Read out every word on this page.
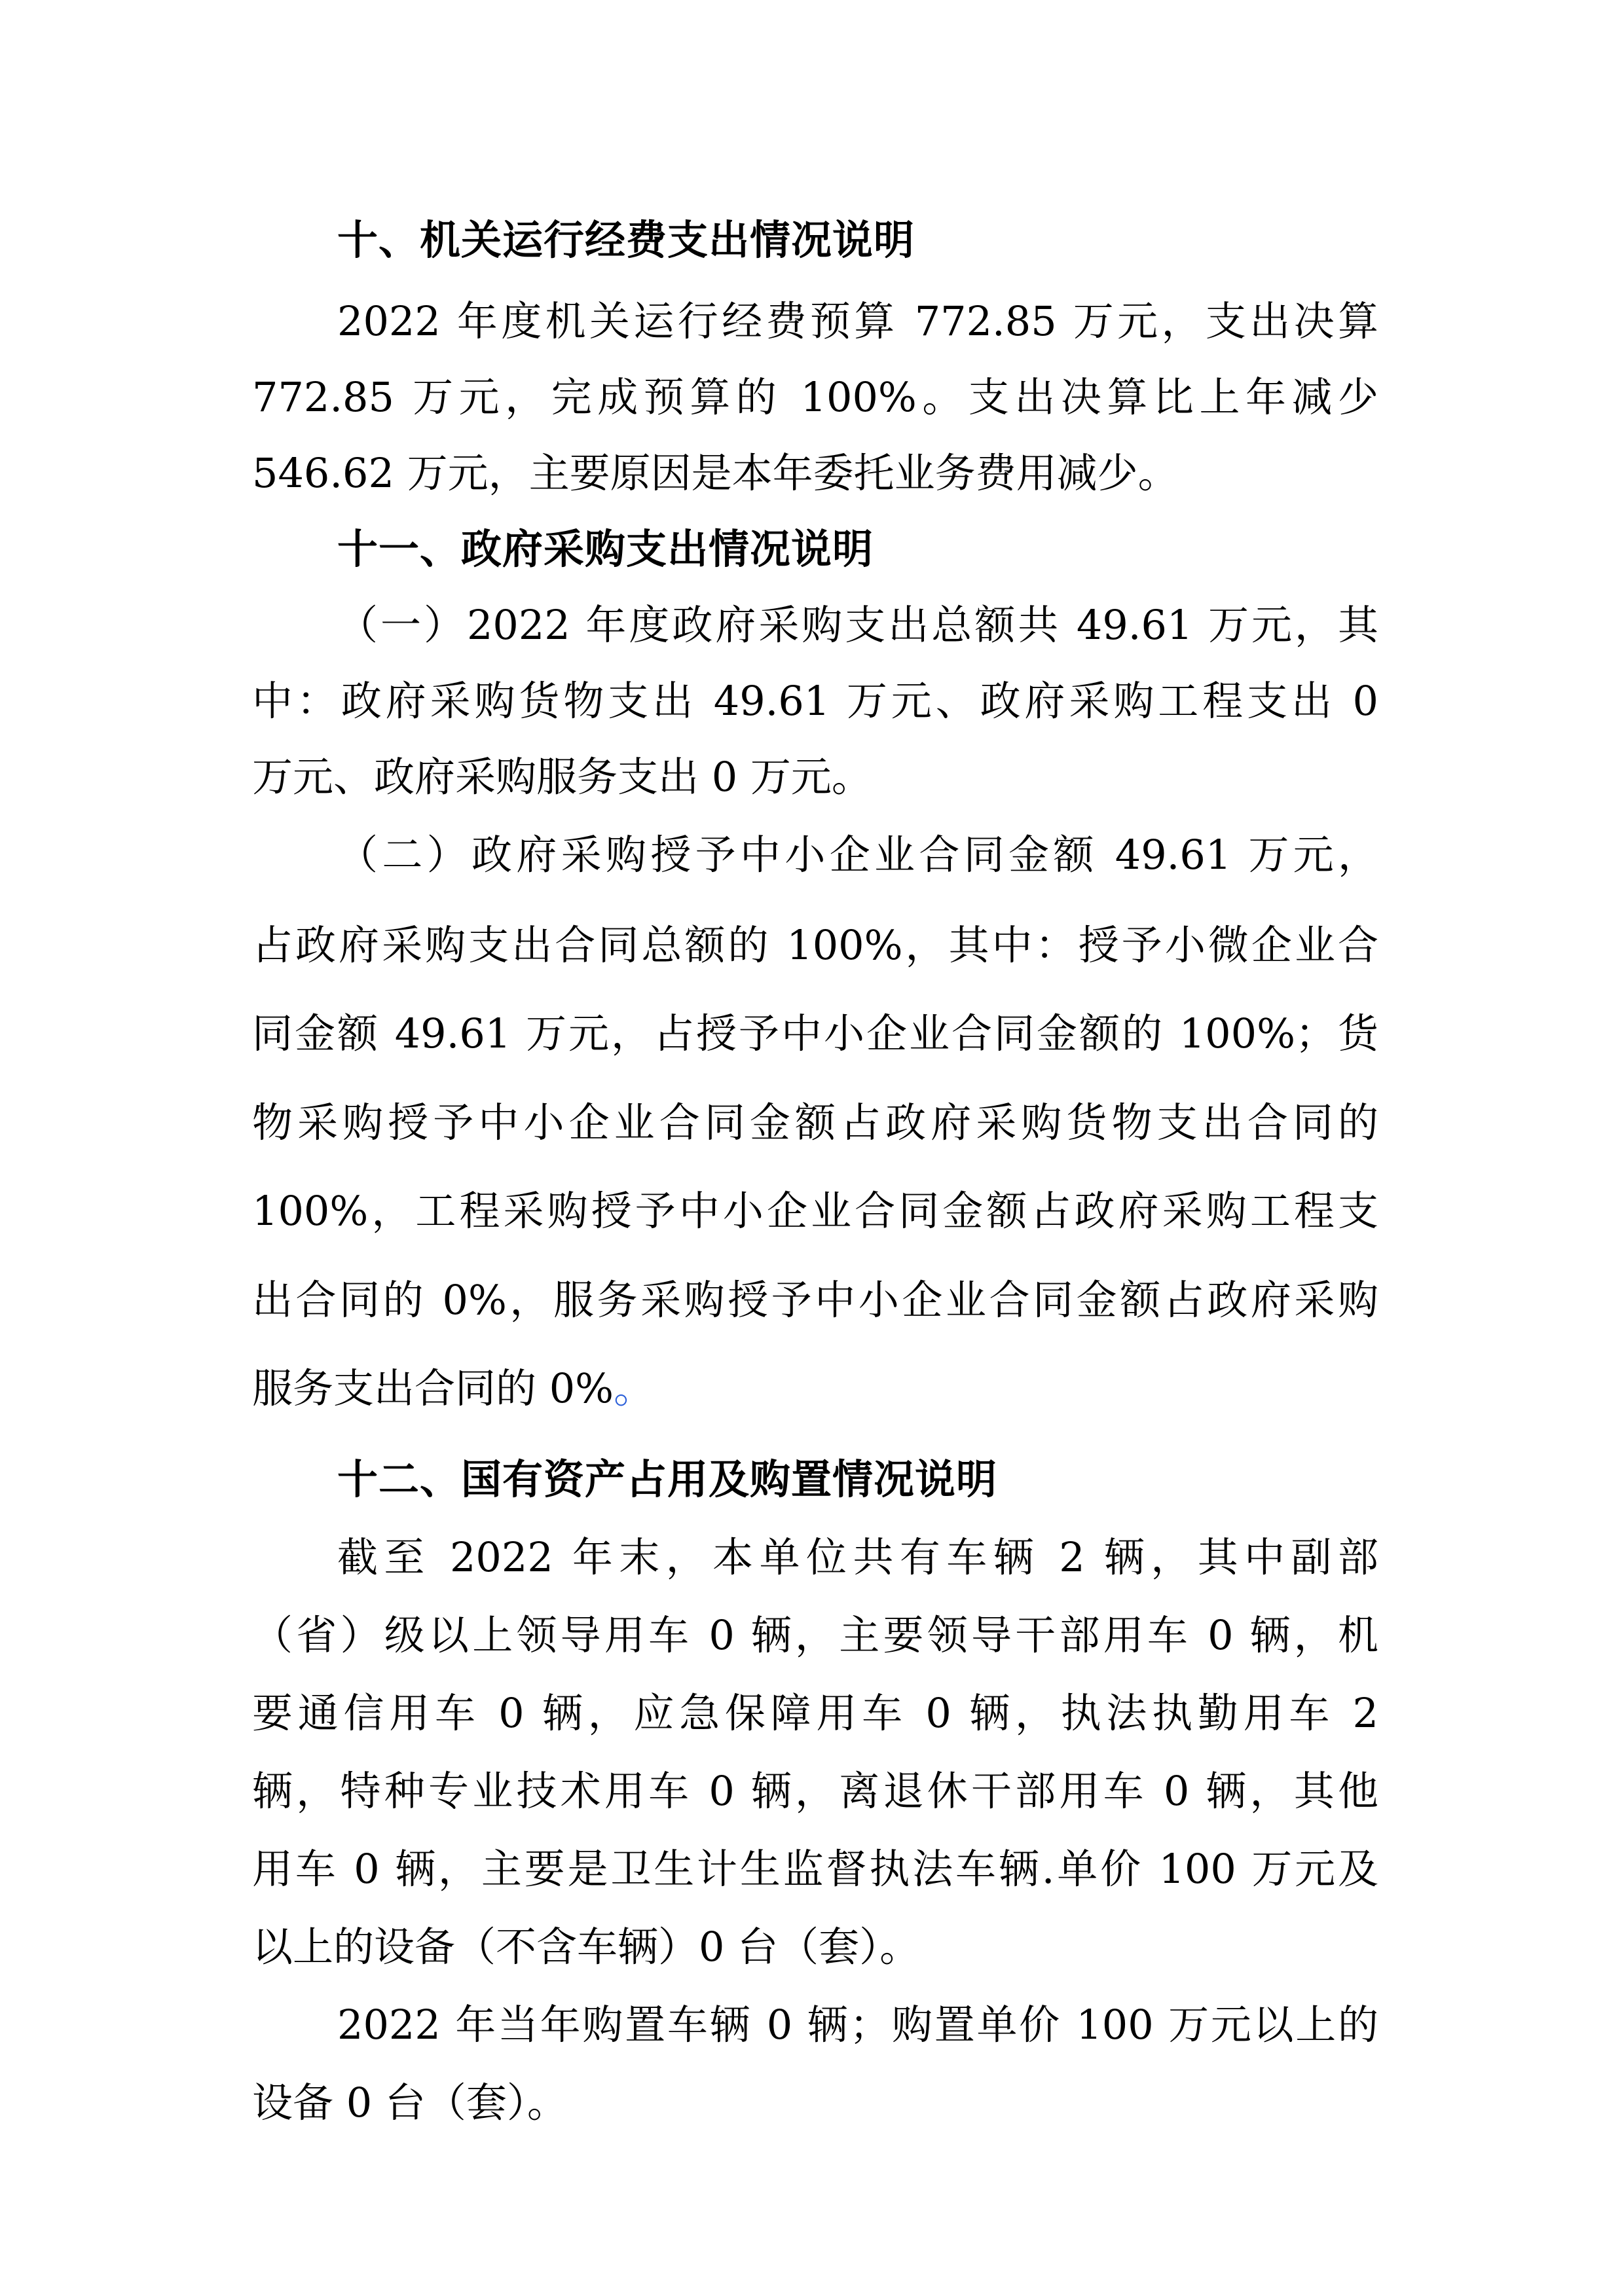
十、机关运行经费支出情况说明

2022 年度机关运行经费预算 772.85 万元，支出决算

772.85 万元，完成预算的 100%。支出决算比上年减少

546.62 万元，主要原因是本年委托业务费用减少。

十一、政府采购支出情况说明

（一）2022 年度政府采购支出总额共 49.61 万元，其

中：政府采购货物支出 49.61 万元、政府采购工程支出 0

万元、政府采购服务支出 0 万元。

（二）政府采购授予中小企业合同金额 49.61 万元，

占政府采购支出合同总额的 100%，其中：授予小微企业合

同金额 49.61 万元，占授予中小企业合同金额的 100%；货

物采购授予中小企业合同金额占政府采购货物支出合同的

100%，工程采购授予中小企业合同金额占政府采购工程支

出合同的 0%，服务采购授予中小企业合同金额占政府采购

服务支出合同的 0%。

十二、国有资产占用及购置情况说明

截至 2022 年末，本单位共有车辆 2 辆，其中副部

（省）级以上领导用车 0 辆，主要领导干部用车 0 辆，机

要通信用车 0 辆，应急保障用车 0 辆，执法执勤用车 2

辆，特种专业技术用车 0 辆，离退休干部用车 0 辆，其他

用车 0 辆，主要是卫生计生监督执法车辆.单价 100 万元及

以上的设备（不含车辆）0 台（套）。

2022 年当年购置车辆 0 辆；购置单价 100 万元以上的

设备 0 台（套）。
